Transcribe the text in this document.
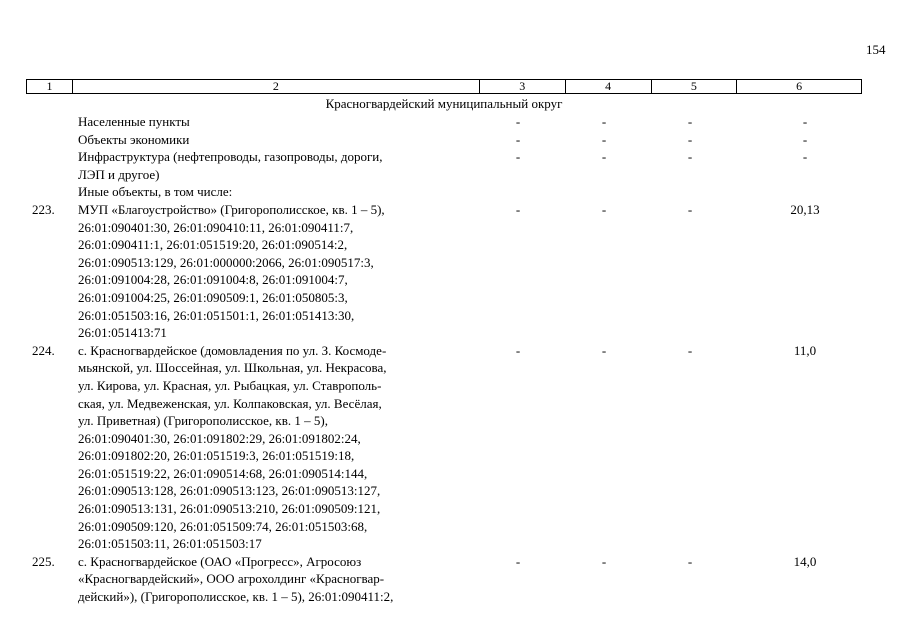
154
1	2	3	4	5	6
Красногвардейский муниципальный округ
Населенные пункты	-	-	-	-
Объекты экономики	-	-	-	-
Инфраструктура (нефтепроводы, газопроводы, дороги,
ЛЭП и другое)
-	-	-	-
Иные объекты, в том числе:
223. МУП «Благоустройство» (Григорополисское, кв. 1 – 5),
26:01:090401:30, 26:01:090410:11, 26:01:090411:7,
26:01:090411:1, 26:01:051519:20, 26:01:090514:2,
26:01:090513:129, 26:01:000000:2066, 26:01:090517:3,
26:01:091004:28, 26:01:091004:8, 26:01:091004:7,
26:01:091004:25, 26:01:090509:1, 26:01:050805:3,
26:01:051503:16, 26:01:051501:1, 26:01:051413:30,
26:01:051413:71
-	-	-	20,13
224. с. Красногвардейское (домовладения по ул. З. Космоде-
мьянской, ул. Шоссейная, ул. Школьная, ул. Некрасова,
ул. Кирова, ул. Красная, ул. Рыбацкая, ул. Ставрополь-
ская, ул. Медвеженская, ул. Колпаковская, ул. Весёлая,
ул. Приветная) (Григорополисское, кв. 1 – 5),
26:01:090401:30, 26:01:091802:29, 26:01:091802:24,
26:01:091802:20, 26:01:051519:3, 26:01:051519:18,
26:01:051519:22, 26:01:090514:68, 26:01:090514:144,
26:01:090513:128, 26:01:090513:123, 26:01:090513:127,
26:01:090513:131, 26:01:090513:210, 26:01:090509:121,
26:01:090509:120, 26:01:051509:74, 26:01:051503:68,
26:01:051503:11, 26:01:051503:17
-	-	-	11,0
225. с. Красногвардейское (ОАО «Прогресс», Агросоюз
«Красногвардейский», ООО агрохолдинг «Красногвар-
дейский»), (Григорополисское, кв. 1 – 5), 26:01:090411:2,
-	-	-	14,0
